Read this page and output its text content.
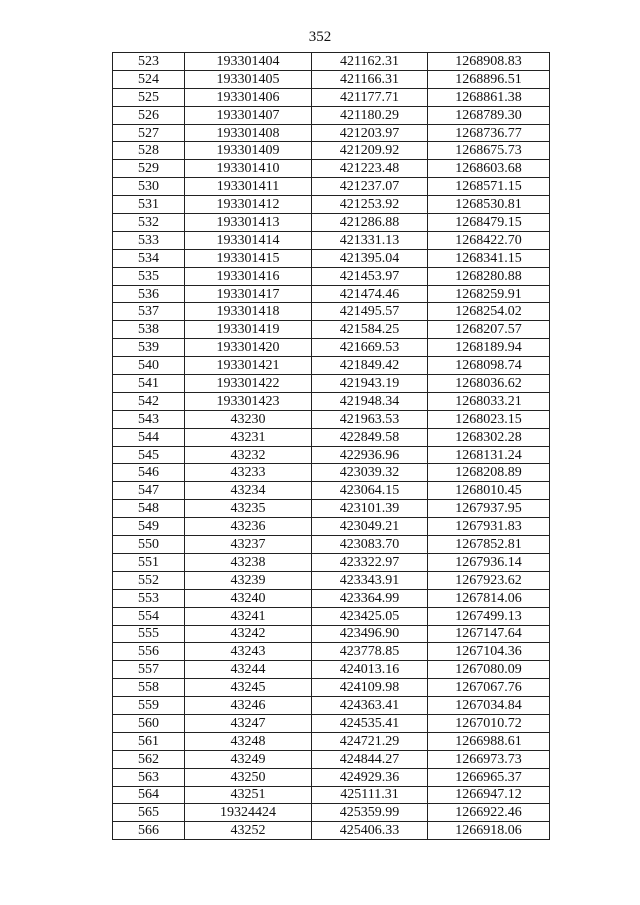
352
523	193301404	421162.31	1268908.83
524	193301405	421166.31	1268896.51
525	193301406	421177.71	1268861.38
526	193301407	421180.29	1268789.30
527	193301408	421203.97	1268736.77
528	193301409	421209.92	1268675.73
529	193301410	421223.48	1268603.68
530	193301411	421237.07	1268571.15
531	193301412	421253.92	1268530.81
532	193301413	421286.88	1268479.15
533	193301414	421331.13	1268422.70
534	193301415	421395.04	1268341.15
535	193301416	421453.97	1268280.88
536	193301417	421474.46	1268259.91
537	193301418	421495.57	1268254.02
538	193301419	421584.25	1268207.57
539	193301420	421669.53	1268189.94
540	193301421	421849.42	1268098.74
541	193301422	421943.19	1268036.62
542	193301423	421948.34	1268033.21
543	43230	421963.53	1268023.15
544	43231	422849.58	1268302.28
545	43232	422936.96	1268131.24
546	43233	423039.32	1268208.89
547	43234	423064.15	1268010.45
548	43235	423101.39	1267937.95
549	43236	423049.21	1267931.83
550	43237	423083.70	1267852.81
551	43238	423322.97	1267936.14
552	43239	423343.91	1267923.62
553	43240	423364.99	1267814.06
554	43241	423425.05	1267499.13
555	43242	423496.90	1267147.64
556	43243	423778.85	1267104.36
557	43244	424013.16	1267080.09
558	43245	424109.98	1267067.76
559	43246	424363.41	1267034.84
560	43247	424535.41	1267010.72
561	43248	424721.29	1266988.61
562	43249	424844.27	1266973.73
563	43250	424929.36	1266965.37
564	43251	425111.31	1266947.12
565	19324424	425359.99	1266922.46
566	43252	425406.33	1266918.06
